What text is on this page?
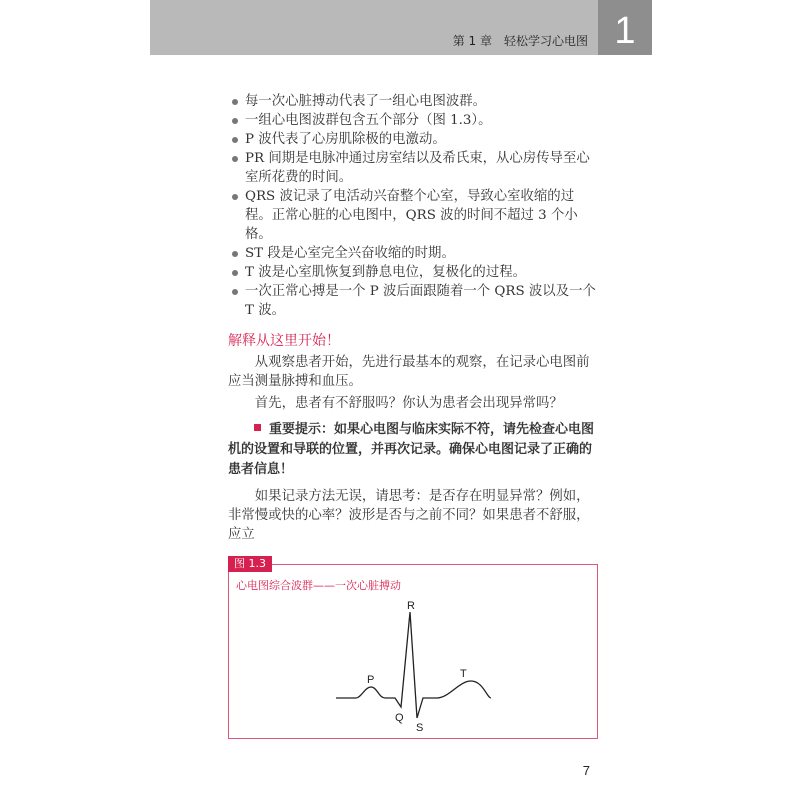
第 1 章　轻松学习心电图 1
每一次心脏搏动代表了一组心电图波群。
一组心电图波群包含五个部分（图 1.3）。
P 波代表了心房肌除极的电激动。
PR 间期是电脉冲通过房室结以及希氏束，从心房传导至心室所花费的时间。
QRS 波记录了电活动兴奋整个心室，导致心室收缩的过程。正常心脏的心电图中，QRS 波的时间不超过 3 个小格。
ST 段是心室完全兴奋收缩的时期。
T 波是心室肌恢复到静息电位，复极化的过程。
一次正常心搏是一个 P 波后面跟随着一个 QRS 波以及一个 T 波。
解释从这里开始！

从观察患者开始，先进行最基本的观察，在记录心电图前应当测量脉搏和血压。

首先，患者有不舒服吗？你认为患者会出现异常吗？

重要提示：如果心电图与临床实际不符，请先检查心电图机的设置和导联的位置，并再次记录。确保心电图记录了正确的患者信息！

如果记录方法无误，请思考：是否存在明显异常？例如，非常慢或快的心率？波形是否与之前不同？如果患者不舒服，应立

图 1.3
心电图综合波群——一次心脏搏动
P
Q
R
S
T
7
